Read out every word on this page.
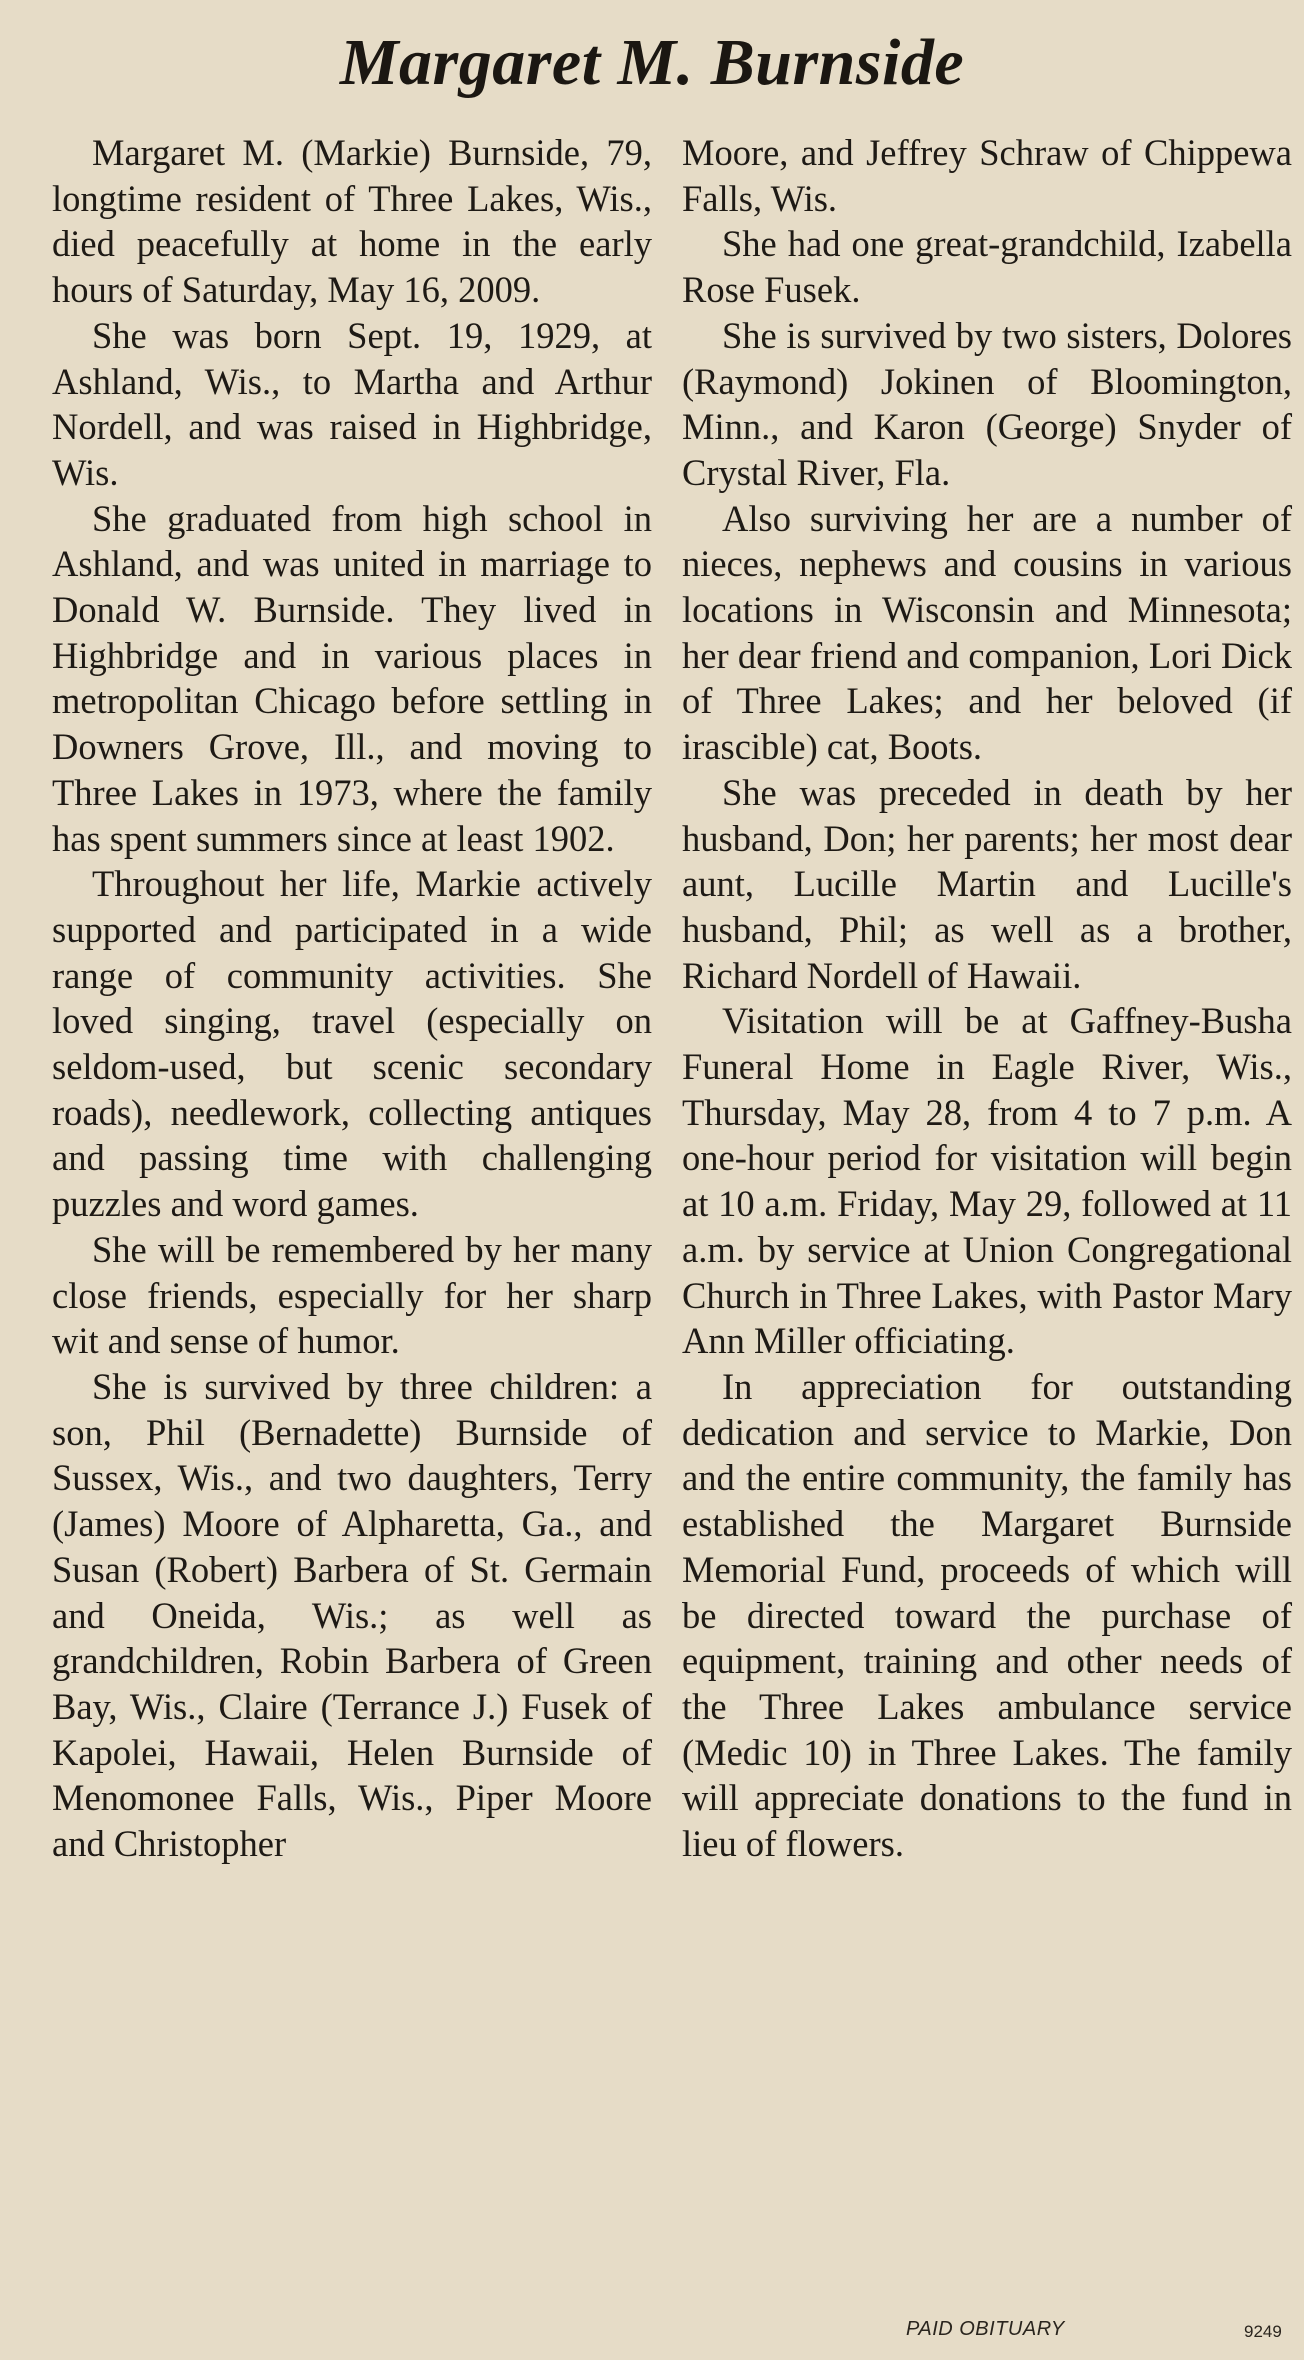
Margaret M. Burnside

Margaret M. (Markie) Burnside, 79, longtime resident of Three Lakes, Wis., died peacefully at home in the early hours of Saturday, May 16, 2009.

She was born Sept. 19, 1929, at Ashland, Wis., to Martha and Arthur Nordell, and was raised in Highbridge, Wis.

She graduated from high school in Ashland, and was united in marriage to Donald W. Burnside. They lived in Highbridge and in various places in metropolitan Chicago before settling in Downers Grove, Ill., and moving to Three Lakes in 1973, where the family has spent summers since at least 1902.

Throughout her life, Markie actively supported and participated in a wide range of community activities. She loved singing, travel (especially on seldom-used, but scenic secondary roads), needlework, collecting antiques and passing time with challenging puzzles and word games.

She will be remembered by her many close friends, especially for her sharp wit and sense of humor.

She is survived by three children: a son, Phil (Bernadette) Burnside of Sussex, Wis., and two daughters, Terry (James) Moore of Alpharetta, Ga., and Susan (Robert) Barbera of St. Germain and Oneida, Wis.; as well as grandchildren, Robin Barbera of Green Bay, Wis., Claire (Terrance J.) Fusek of Kapolei, Hawaii, Helen Burnside of Menomonee Falls, Wis., Piper Moore and Christopher

Moore, and Jeffrey Schraw of Chippewa Falls, Wis.

She had one great-grandchild, Izabella Rose Fusek.

She is survived by two sisters, Dolores (Raymond) Jokinen of Bloomington, Minn., and Karon (George) Snyder of Crystal River, Fla.

Also surviving her are a number of nieces, nephews and cousins in various locations in Wisconsin and Minnesota; her dear friend and companion, Lori Dick of Three Lakes; and her beloved (if irascible) cat, Boots.

She was preceded in death by her husband, Don; her parents; her most dear aunt, Lucille Martin and Lucille's husband, Phil; as well as a brother, Richard Nordell of Hawaii.

Visitation will be at Gaffney-Busha Funeral Home in Eagle River, Wis., Thursday, May 28, from 4 to 7 p.m. A one-hour period for visitation will begin at 10 a.m. Friday, May 29, followed at 11 a.m. by service at Union Congregational Church in Three Lakes, with Pastor Mary Ann Miller officiating.

In appreciation for outstanding dedication and service to Markie, Don and the entire community, the family has established the Margaret Burnside Memorial Fund, proceeds of which will be directed toward the purchase of equipment, training and other needs of the Three Lakes ambulance service (Medic 10) in Three Lakes. The family will appreciate donations to the fund in lieu of flowers.

PAID OBITUARY	9249
